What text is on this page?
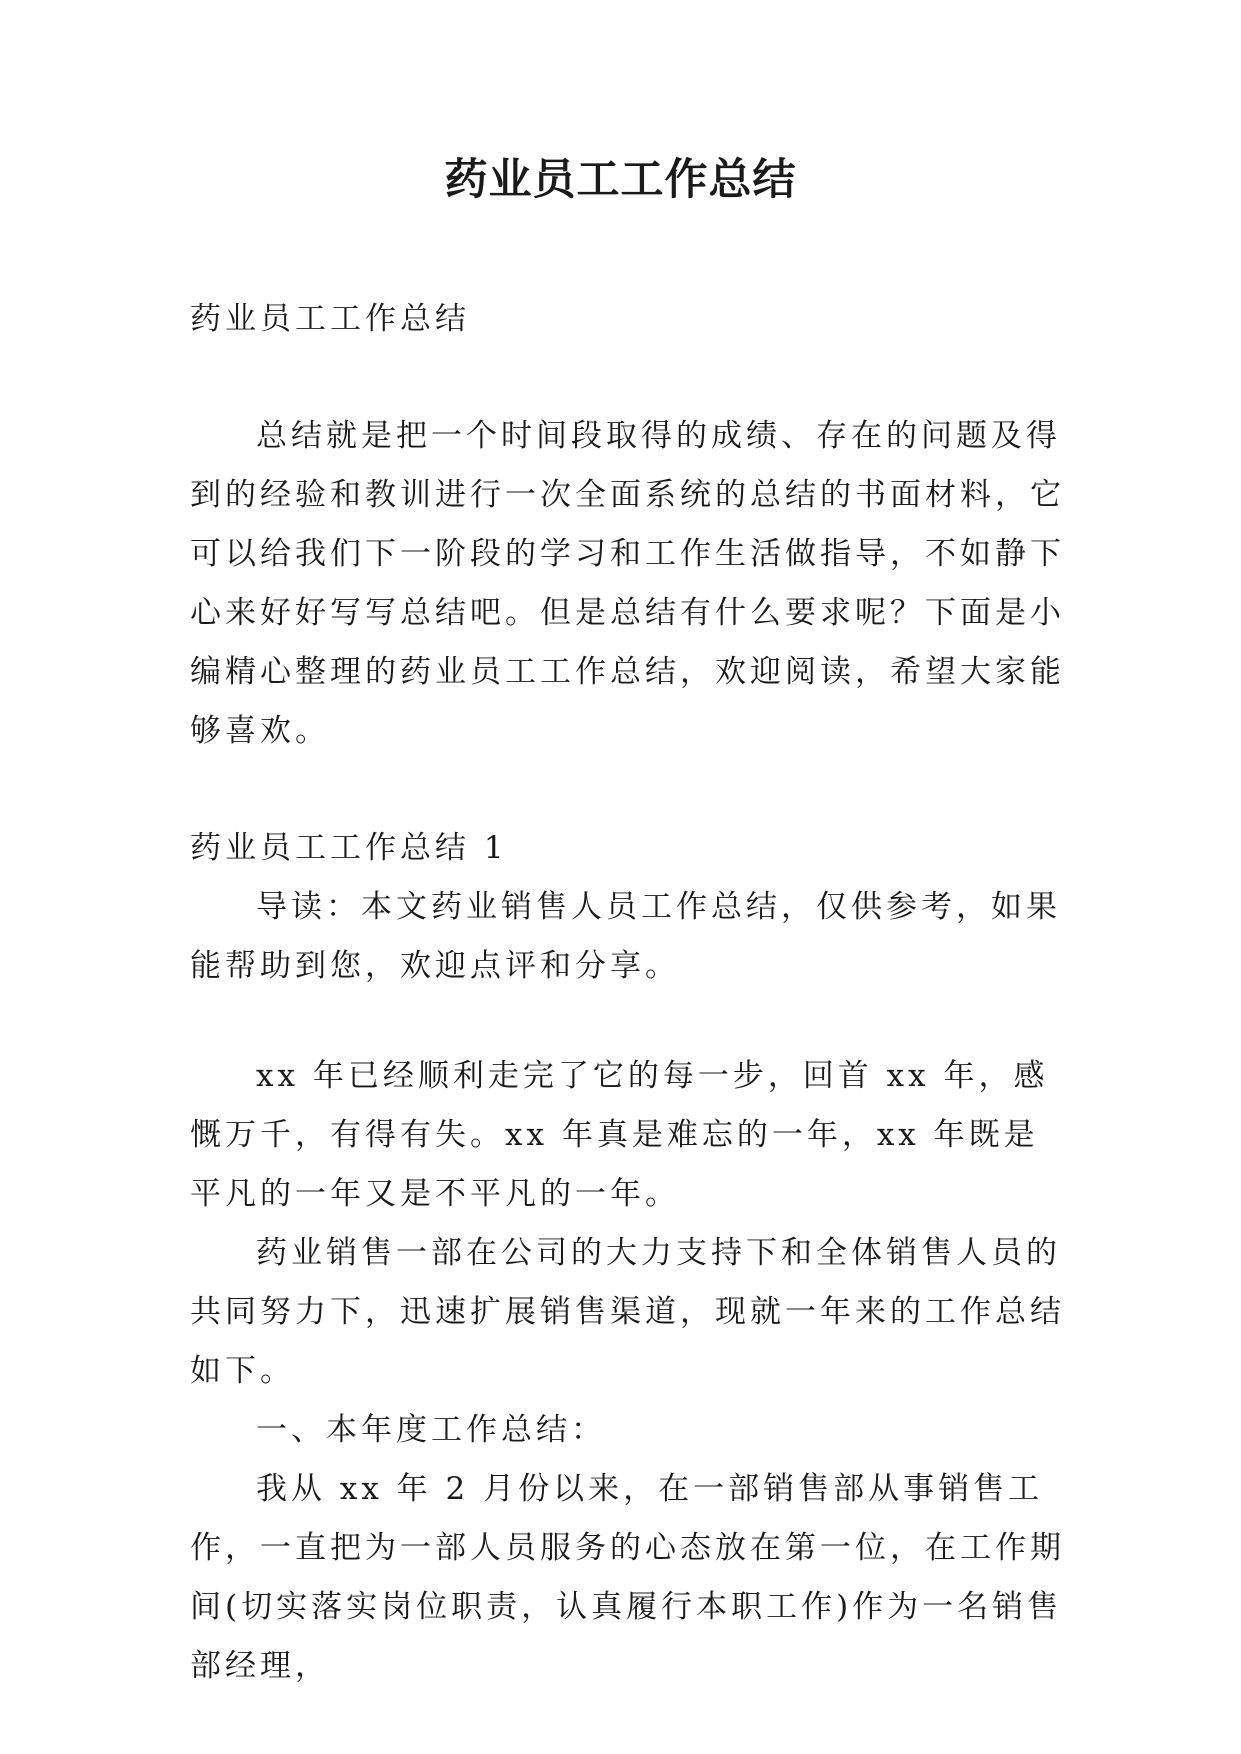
药业员工工作总结

药业员工工作总结

总结就是把一个时间段取得的成绩、存在的问题及得到的经验和教训进行一次全面系统的总结的书面材料，它可以给我们下一阶段的学习和工作生活做指导，不如静下心来好好写写总结吧。但是总结有什么要求呢？下面是小编精心整理的药业员工工作总结，欢迎阅读，希望大家能够喜欢。

药业员工工作总结 1

导读：本文药业销售人员工作总结，仅供参考，如果能帮助到您，欢迎点评和分享。

xx 年已经顺利走完了它的每一步，回首 xx 年，感慨万千，有得有失。xx 年真是难忘的一年，xx 年既是平凡的一年又是不平凡的一年。

药业销售一部在公司的大力支持下和全体销售人员的共同努力下，迅速扩展销售渠道，现就一年来的工作总结如下。

一、本年度工作总结：

我从 xx 年 2 月份以来，在一部销售部从事销售工作，一直把为一部人员服务的心态放在第一位，在工作期间(切实落实岗位职责，认真履行本职工作)作为一名销售部经理，
